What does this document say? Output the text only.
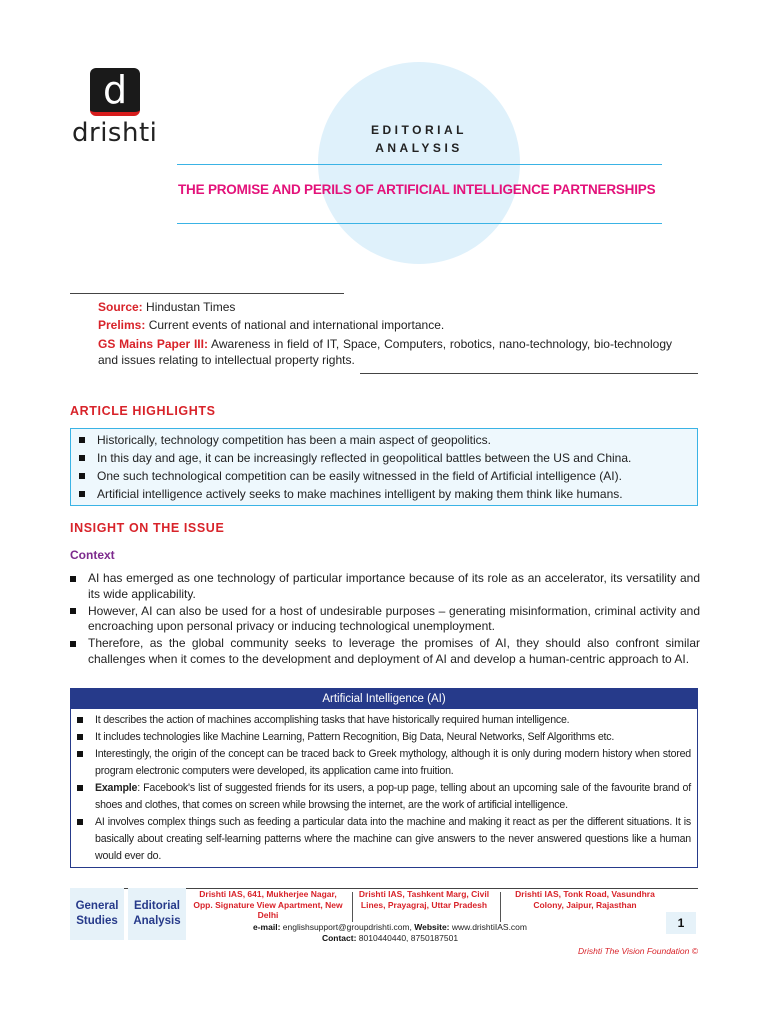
d
drishti	EDITORIAL
ANALYSIS
THE PROMISE AND PERILS OF ARTIFICIAL INTELLIGENCE PARTNERSHIPS
Source: Hindustan Times
Prelims: Current events of national and international importance.
GS Mains Paper III: Awareness in field of IT, Space, Computers, robotics, nano-technology, bio-technology and issues relating to intellectual property rights.
ARTICLE HIGHLIGHTS
Historically, technology competition has been a main aspect of geopolitics.
In this day and age, it can be increasingly reflected in geopolitical battles between the US and China.
One such technological competition can be easily witnessed in the field of Artificial intelligence (AI).
Artificial intelligence actively seeks to make machines intelligent by making them think like humans.
INSIGHT ON THE ISSUE
Context
AI has emerged as one technology of particular importance because of its role as an accelerator, its versatility and its wide applicability.
However, AI can also be used for a host of undesirable purposes – generating misinformation, criminal activity and encroaching upon personal privacy or inducing technological unemployment.
Therefore, as the global community seeks to leverage the promises of AI, they should also confront similar challenges when it comes to the development and deployment of AI and develop a human-centric approach to AI.
Artificial Intelligence (AI)
It describes the action of machines accomplishing tasks that have historically required human intelligence.
It includes technologies like Machine Learning, Pattern Recognition, Big Data, Neural Networks, Self Algorithms etc.
Interestingly, the origin of the concept can be traced back to Greek mythology, although it is only during modern history when stored program electronic computers were developed, its application came into fruition.
Example: Facebook's list of suggested friends for its users, a pop-up page, telling about an upcoming sale of the favourite brand of shoes and clothes, that comes on screen while browsing the internet, are the work of artificial intelligence.
AI involves complex things such as feeding a particular data into the machine and making it react as per the different situations. It is basically about creating self-learning patterns where the machine can give answers to the never answered questions like a human would ever do.
General Studies
Editorial Analysis
Drishti IAS, 641, Mukherjee Nagar, Opp. Signature View Apartment, New Delhi
Drishti IAS, Tashkent Marg, Civil Lines, Prayagraj, Uttar Pradesh
Drishti IAS, Tonk Road, Vasundhra Colony, Jaipur, Rajasthan
e-mail: englishsupport@groupdrishti.com, Website: www.drishtiIAS.com
Contact: 8010440440, 8750187501
1
Drishti The Vision Foundation ©
